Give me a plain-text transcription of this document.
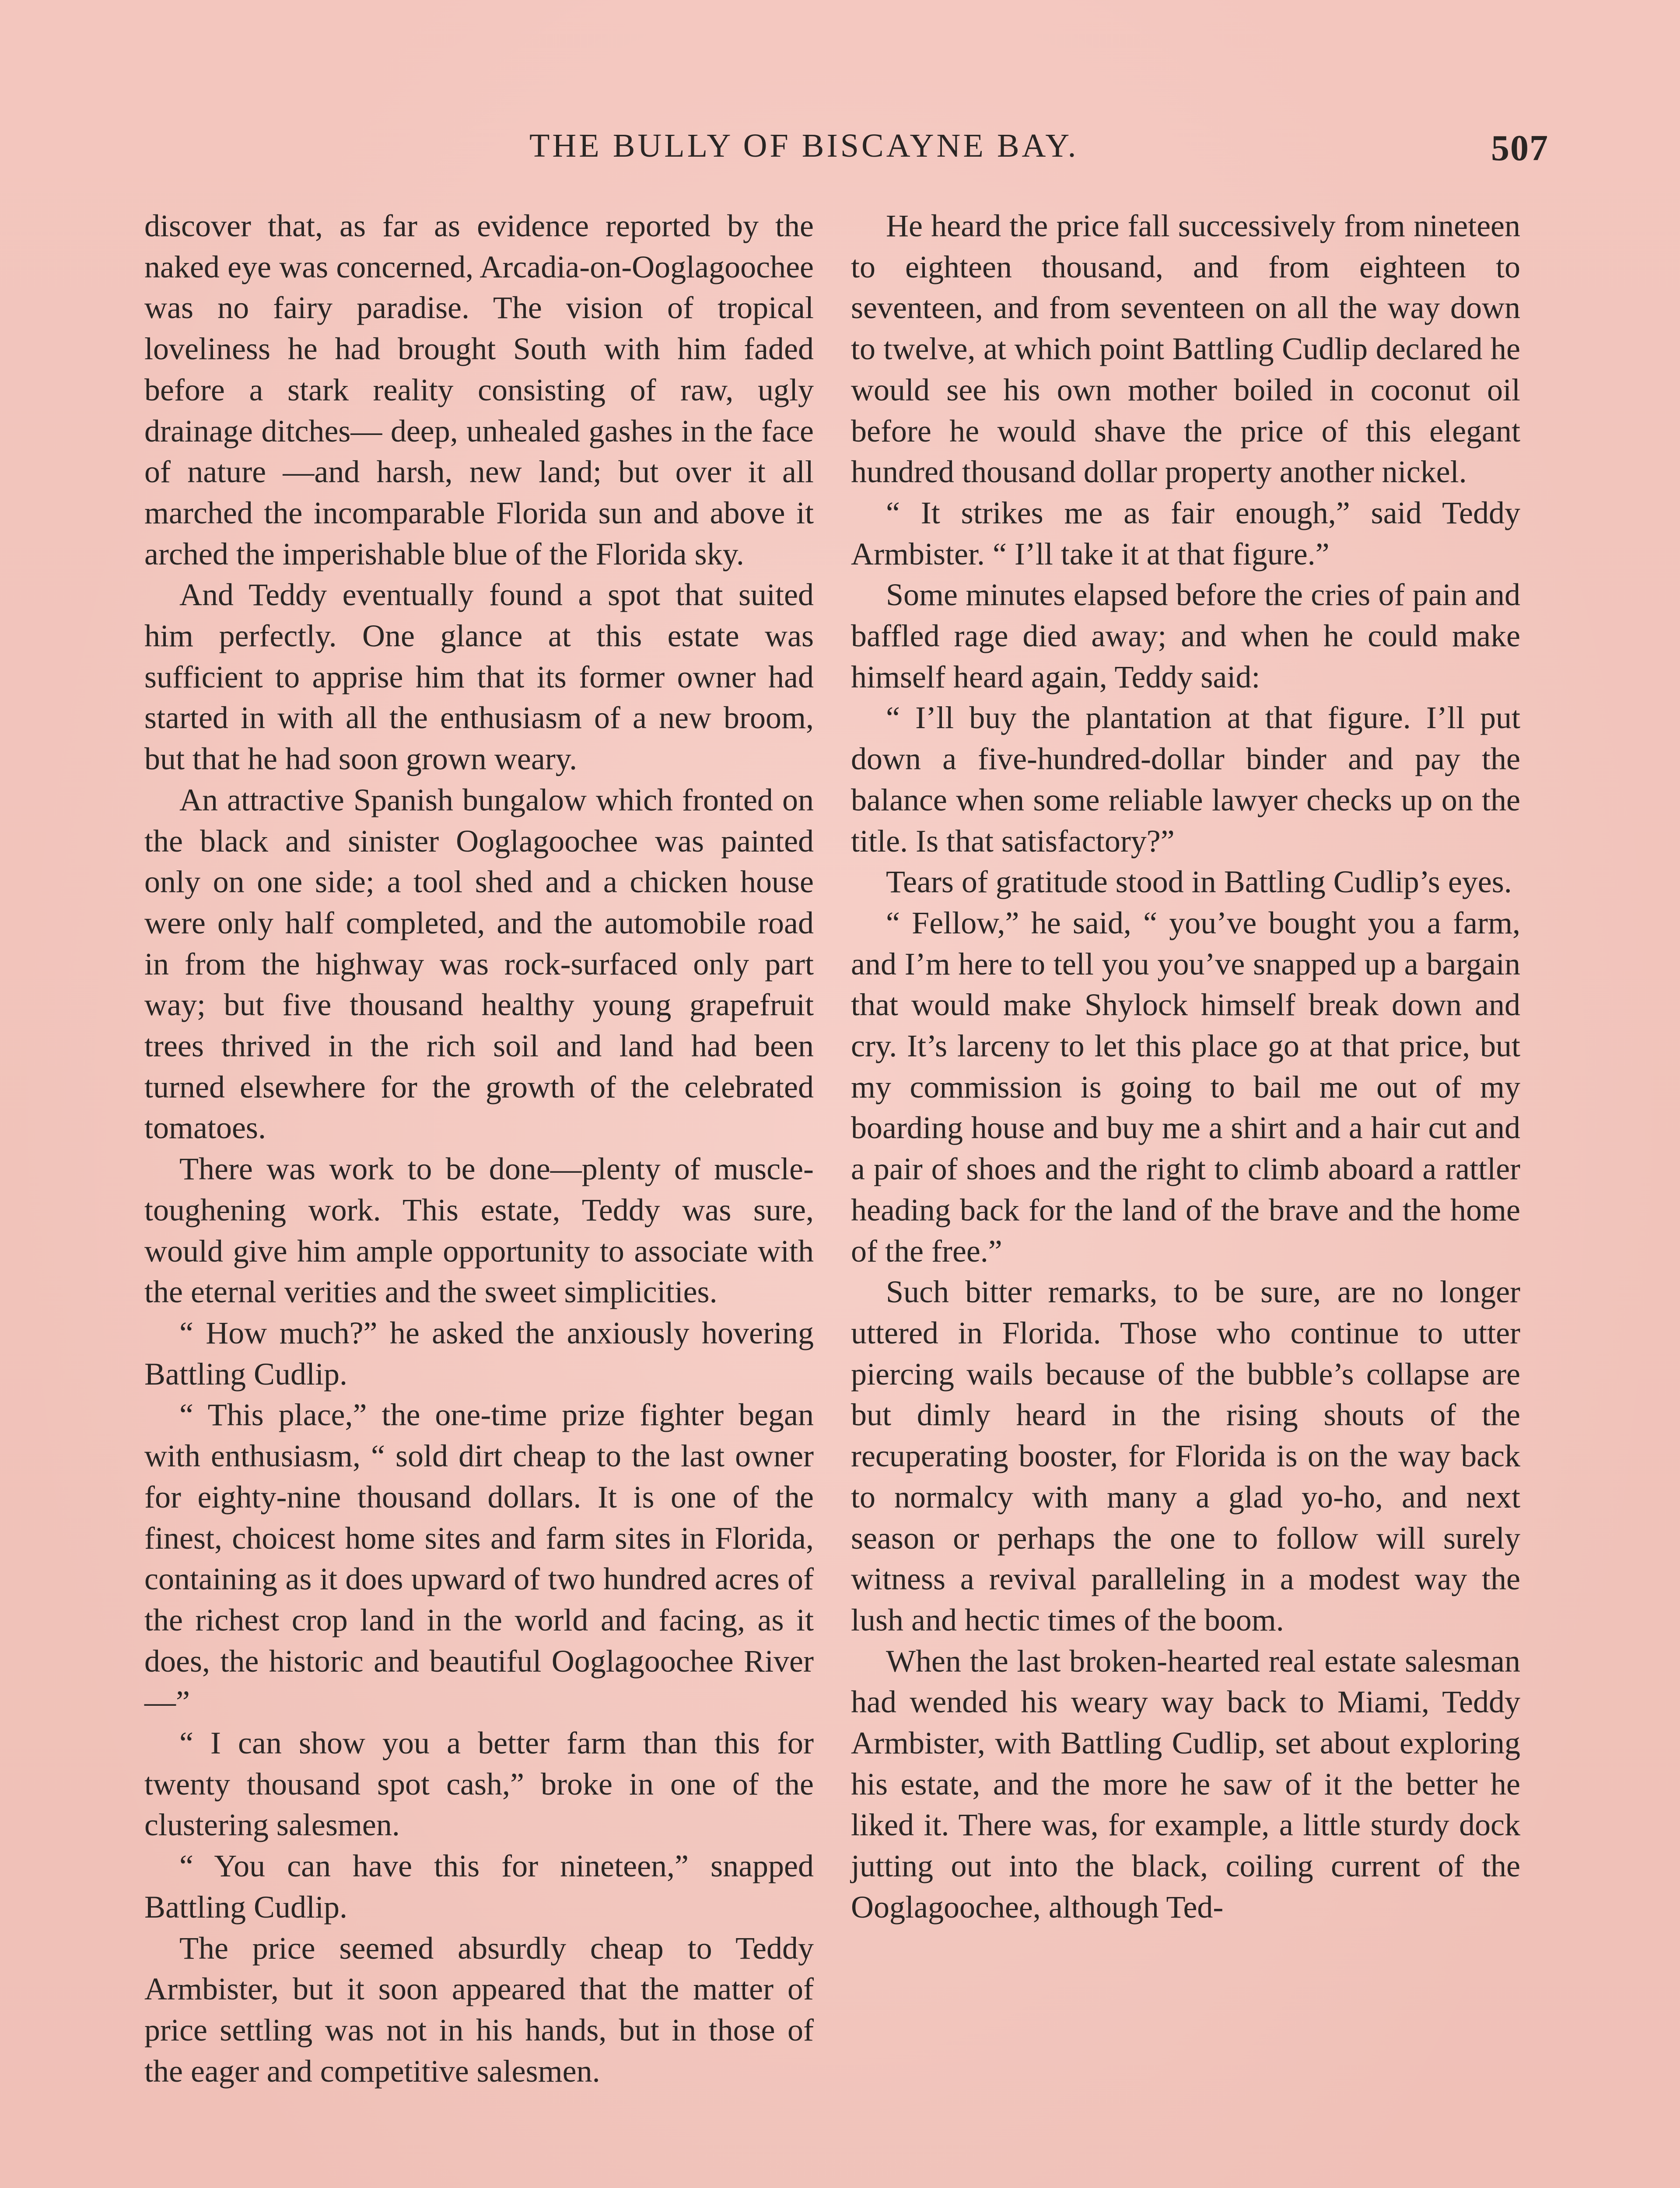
THE BULLY OF BISCAYNE BAY.	507

discover that, as far as evidence reported by the naked eye was concerned, Arcadia-on-Ooglagoochee was no fairy paradise. The vision of tropical loveliness he had brought South with him faded before a stark reality consisting of raw, ugly drainage ditches— deep, unhealed gashes in the face of nature —and harsh, new land; but over it all marched the incomparable Florida sun and above it arched the imperishable blue of the Florida sky.

And Teddy eventually found a spot that suited him perfectly. One glance at this estate was sufficient to apprise him that its former owner had started in with all the enthusiasm of a new broom, but that he had soon grown weary.

An attractive Spanish bungalow which fronted on the black and sinister Ooglagoochee was painted only on one side; a tool shed and a chicken house were only half completed, and the automobile road in from the highway was rock-surfaced only part way; but five thousand healthy young grapefruit trees thrived in the rich soil and land had been turned elsewhere for the growth of the celebrated tomatoes.

There was work to be done—plenty of muscle-toughening work. This estate, Teddy was sure, would give him ample opportunity to associate with the eternal verities and the sweet simplicities.

“ How much?” he asked the anxiously hovering Battling Cudlip.

“ This place,” the one-time prize fighter began with enthusiasm, “ sold dirt cheap to the last owner for eighty-nine thousand dollars. It is one of the finest, choicest home sites and farm sites in Florida, containing as it does upward of two hundred acres of the richest crop land in the world and facing, as it does, the historic and beautiful Ooglagoochee River—”

“ I can show you a better farm than this for twenty thousand spot cash,” broke in one of the clustering salesmen.

“ You can have this for nineteen,” snapped Battling Cudlip.

The price seemed absurdly cheap to Teddy Armbister, but it soon appeared that the matter of price settling was not in his hands, but in those of the eager and competitive salesmen.

He heard the price fall successively from nineteen to eighteen thousand, and from eighteen to seventeen, and from seventeen on all the way down to twelve, at which point Battling Cudlip declared he would see his own mother boiled in coconut oil before he would shave the price of this elegant hundred thousand dollar property another nickel.

“ It strikes me as fair enough,” said Teddy Armbister. “ I’ll take it at that figure.”

Some minutes elapsed before the cries of pain and baffled rage died away; and when he could make himself heard again, Teddy said:

“ I’ll buy the plantation at that figure. I’ll put down a five-hundred-dollar binder and pay the balance when some reliable lawyer checks up on the title. Is that satisfactory?”

Tears of gratitude stood in Battling Cudlip’s eyes.

“ Fellow,” he said, “ you’ve bought you a farm, and I’m here to tell you you’ve snapped up a bargain that would make Shylock himself break down and cry. It’s larceny to let this place go at that price, but my commission is going to bail me out of my boarding house and buy me a shirt and a hair cut and a pair of shoes and the right to climb aboard a rattler heading back for the land of the brave and the home of the free.”

Such bitter remarks, to be sure, are no longer uttered in Florida. Those who continue to utter piercing wails because of the bubble’s collapse are but dimly heard in the rising shouts of the recuperating booster, for Florida is on the way back to normalcy with many a glad yo-ho, and next season or perhaps the one to follow will surely witness a revival paralleling in a modest way the lush and hectic times of the boom.

When the last broken-hearted real estate salesman had wended his weary way back to Miami, Teddy Armbister, with Battling Cudlip, set about exploring his estate, and the more he saw of it the better he liked it. There was, for example, a little sturdy dock jutting out into the black, coiling current of the Ooglagoochee, although Ted-
